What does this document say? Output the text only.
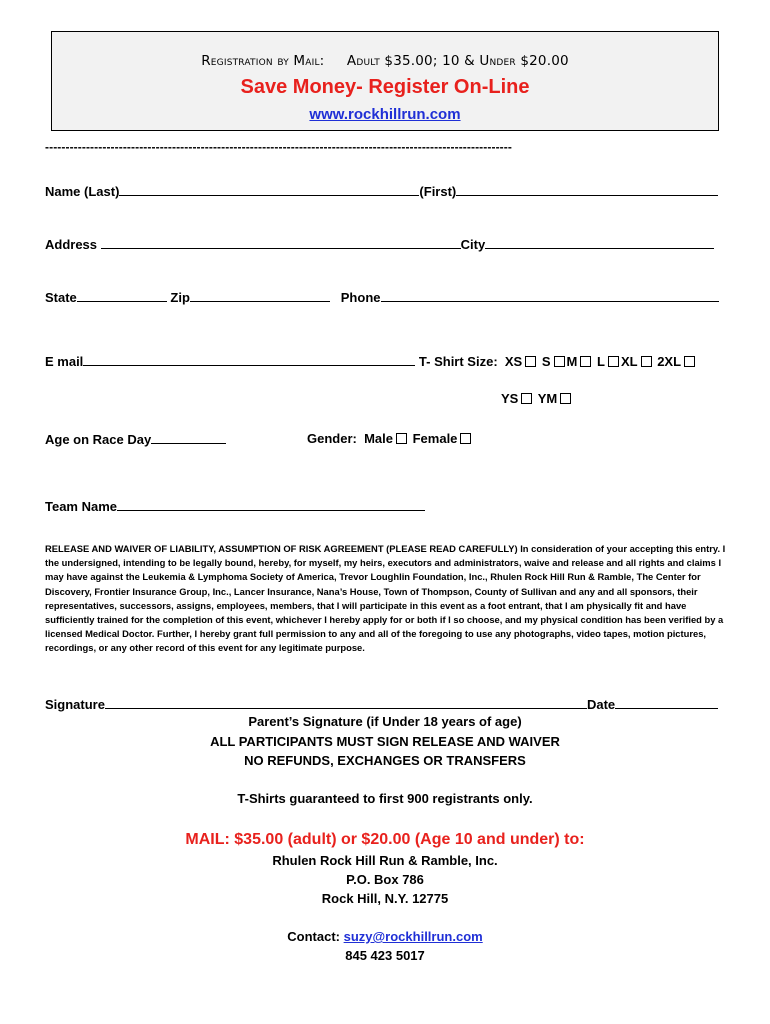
Registration by Mail: Adult $35.00; 10 & Under $20.00
Save Money- Register On-Line
www.rockhillrun.com
------------------------------------------------------------------------------------------------------------------
Name (Last)	(First)
Address	City
State	Zip	Phone
E mail	T- Shirt Size: XS S M L XL 2XL
YS YM
Age on Race Day	Gender: Male Female
Team Name
RELEASE AND WAIVER OF LIABILITY, ASSUMPTION OF RISK AGREEMENT (PLEASE READ CAREFULLY) In consideration of your accepting this entry. I the undersigned, intending to be legally bound, hereby, for myself, my heirs, executors and administrators, waive and release and all rights and claims I may have against the Leukemia & Lymphoma Society of America, Trevor Loughlin Foundation, Inc., Rhulen Rock Hill Run & Ramble, The Center for Discovery, Frontier Insurance Group, Inc., Lancer Insurance, Nana’s House, Town of Thompson, County of Sullivan and any and all sponsors, their representatives, successors, assigns, employees, members, that I will participate in this event as a foot entrant, that I am physically fit and have sufficiently trained for the completion of this event, whichever I hereby apply for or both if I so choose, and my physical condition has been verified by a licensed Medical Doctor. Further, I hereby grant full permission to any and all of the foregoing to use any photographs, video tapes, motion pictures, recordings, or any other record of this event for any legitimate purpose.
Signature	Date
Parent’s Signature (if Under 18 years of age)
ALL PARTICIPANTS MUST SIGN RELEASE AND WAIVER
NO REFUNDS, EXCHANGES OR TRANSFERS
T-Shirts guaranteed to first 900 registrants only.
MAIL: $35.00 (adult) or $20.00 (Age 10 and under) to:
Rhulen Rock Hill Run & Ramble, Inc.
P.O. Box 786
Rock Hill, N.Y. 12775
Contact: suzy@rockhillrun.com
845 423 5017
